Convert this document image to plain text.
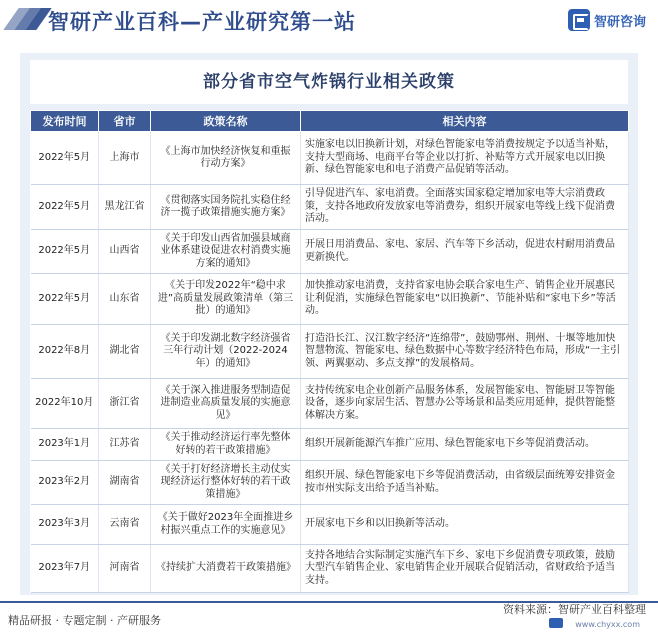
智研产业百科—产业研究第一站	智研咨询
部分省市空气炸锅行业相关政策
发布时间	省市	政策名称	相关内容
2022年5月	上海市	《上海市加快经济恢复和重振行动方案》	实施家电以旧换新计划，对绿色智能家电等消费按规定予以适当补贴，支持大型商场、电商平台等企业以打折、补贴等方式开展家电以旧换新、绿色智能家电和电子消费产品促销等活动。
2022年5月	黑龙江省	《贯彻落实国务院扎实稳住经济一揽子政策措施实施方案》	引导促进汽车、家电消费。全面落实国家稳定增加家电等大宗消费政策，支持各地政府发放家电等消费券，组织开展家电等线上线下促消费活动。
2022年5月	山西省	《关于印发山西省加强县域商业体系建设促进农村消费实施方案的通知》	开展日用消费品、家电、家居、汽车等下乡活动，促进农村耐用消费品更新换代。
2022年5月	山东省	《关于印发2022年“稳中求进”高质量发展政策清单（第三批）的通知》	加快推动家电消费，支持省家电协会联合家电生产、销售企业开展惠民让利促消，实施绿色智能家电“以旧换新”、节能补贴和“家电下乡”等活动。
2022年8月	湖北省	《关于印发湖北数字经济强省三年行动计划（2022-2024年）的通知》	打造沿长江、汉江数字经济“连绵带”，鼓励鄂州、荆州、十堰等地加快智慧物流、智能家电、绿色数据中心等数字经济特色布局，形成“一主引领、两翼驱动、多点支撑”的发展格局。
2022年10月	浙江省	《关于深入推进服务型制造促进制造业高质量发展的实施意见》	支持传统家电企业创新产品服务体系，发展智能家电、智能厨卫等智能设备，逐步向家居生活、智慧办公等场景和品类应用延伸，提供智能整体解决方案。
2023年1月	江苏省	《关于推动经济运行率先整体好转的若干政策措施》	组织开展新能源汽车推广应用、绿色智能家电下乡等促消费活动。
2023年2月	湖南省	《关于打好经济增长主动仗实现经济运行整体好转的若干政策措施》	组织开展、绿色智能家电下乡等促消费活动，由省级层面统筹安排资金按市州实际支出给予适当补贴。
2023年3月	云南省	《关于做好2023年全面推进乡村振兴重点工作的实施意见》	开展家电下乡和以旧换新等活动。
2023年7月	河南省	《持续扩大消费若干政策措施》	支持各地结合实际制定实施汽车下乡、家电下乡促消费专项政策，鼓励大型汽车销售企业、家电销售企业开展联合促销活动，省财政给予适当支持。
精品研报 · 专题定制 · 产研服务
资料来源：智研产业百科整理
www.chyxx.com
